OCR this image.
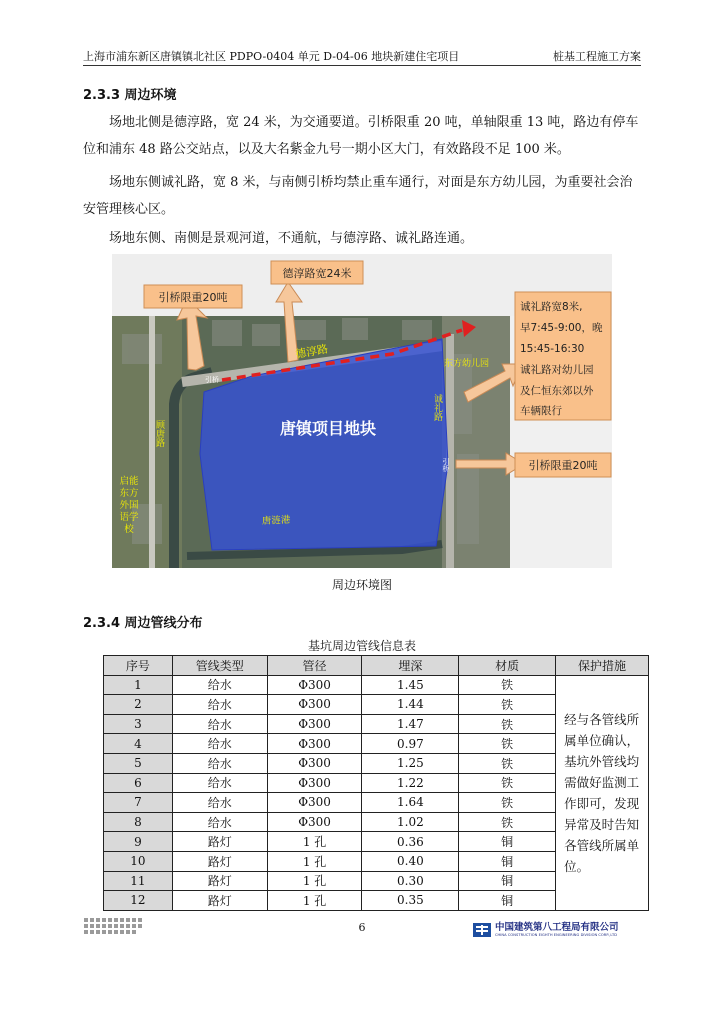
上海市浦东新区唐镇镇北社区 PDPO-0404 单元 D-04-06 地块新建住宅项目	桩基工程施工方案
2.3.3 周边环境

场地北侧是德淳路，宽 24 米，为交通要道。引桥限重 20 吨，单轴限重 13 吨，路边有停车位和浦东 48 路公交站点，以及大名紫金九号一期小区大门，有效路段不足 100 米。

场地东侧诚礼路，宽 8 米，与南侧引桥均禁止重车通行，对面是东方幼儿园，为重要社会治安管理核心区。

场地东侧、南侧是景观河道，不通航，与德淳路、诚礼路连通。

引桥限重20吨
德淳路宽24米
诚礼路宽8米,
早7:45-9:00，晚
15:45-16:30
诚礼路对幼儿园
及仁恒东郊以外
车辆限行
引桥限重20吨
唐镇项目地块
德淳路
东方幼儿园
唐涟港
引桥
诚礼路
顾唐路
引桥
启能
东方
外国
语学
校
周边环境图
2.3.4 周边管线分布
基坑周边管线信息表
序号	管线类型	管径	埋深	材质	保护措施
1	给水	Φ300	1.45	铁	经与各管线所属单位确认，基坑外管线均需做好监测工作即可，发现异常及时告知各管线所属单位。
2	给水	Φ300	1.44	铁	
3	给水	Φ300	1.47	铁	
4	给水	Φ300	0.97	铁	
5	给水	Φ300	1.25	铁	
6	给水	Φ300	1.22	铁	
7	给水	Φ300	1.64	铁	
8	给水	Φ300	1.02	铁	
9	路灯	1 孔	0.36	铜	
10	路灯	1 孔	0.40	铜	
11	路灯	1 孔	0.30	铜	
12	路灯	1 孔	0.35	铜	
6	中国建筑第八工程局有限公司
CHINA CONSTRUCTION EIGHTH ENGINEERING DIVISION CORP.,LTD
